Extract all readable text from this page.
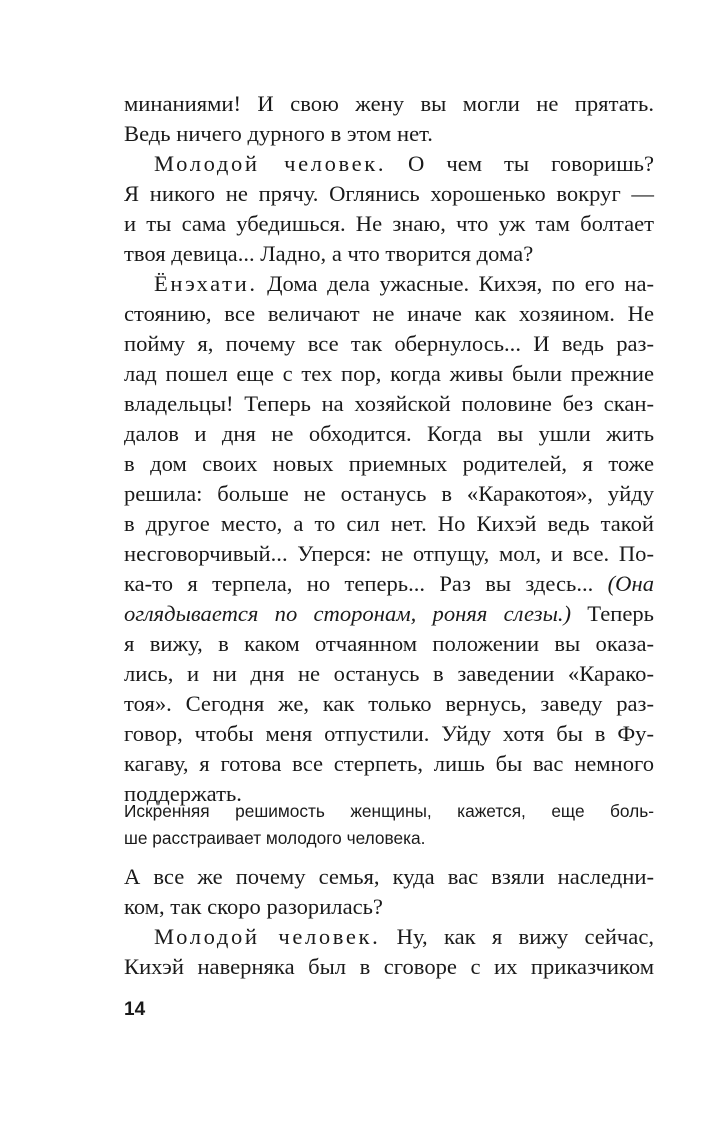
минаниями! И свою жену вы могли не прятать.
Ведь ничего дурного в этом нет.
Молодой человек. О чем ты говоришь?
Я никого не прячу. Оглянись хорошенько вокруг —
и ты сама убедишься. Не знаю, что уж там болтает
твоя девица... Ладно, а что творится дома?
Ёнэхати. Дома дела ужасные. Кихэя, по его на-
стоянию, все величают не иначе как хозяином. Не
пойму я, почему все так обернулось... И ведь раз-
лад пошел еще с тех пор, когда живы были прежние
владельцы! Теперь на хозяйской половине без скан-
далов и дня не обходится. Когда вы ушли жить
в дом своих новых приемных родителей, я тоже
решила: больше не останусь в «Каракотоя», уйду
в другое место, а то сил нет. Но Кихэй ведь такой
несговорчивый... Уперся: не отпущу, мол, и все. По-
ка-то я терпела, но теперь... Раз вы здесь... (Она
оглядывается по сторонам, роняя слезы.) Теперь
я вижу, в каком отчаянном положении вы оказа-
лись, и ни дня не останусь в заведении «Карако-
тоя». Сегодня же, как только вернусь, заведу раз-
говор, чтобы меня отпустили. Уйду хотя бы в Фу-
кагаву, я готова все стерпеть, лишь бы вас немного
поддержать.
Искренняя решимость женщины, кажется, еще боль-
ше расстраивает молодого человека.
А все же почему семья, куда вас взяли наследни-
ком, так скоро разорилась?
Молодой человек. Ну, как я вижу сейчас,
Кихэй наверняка был в сговоре с их приказчиком
14
